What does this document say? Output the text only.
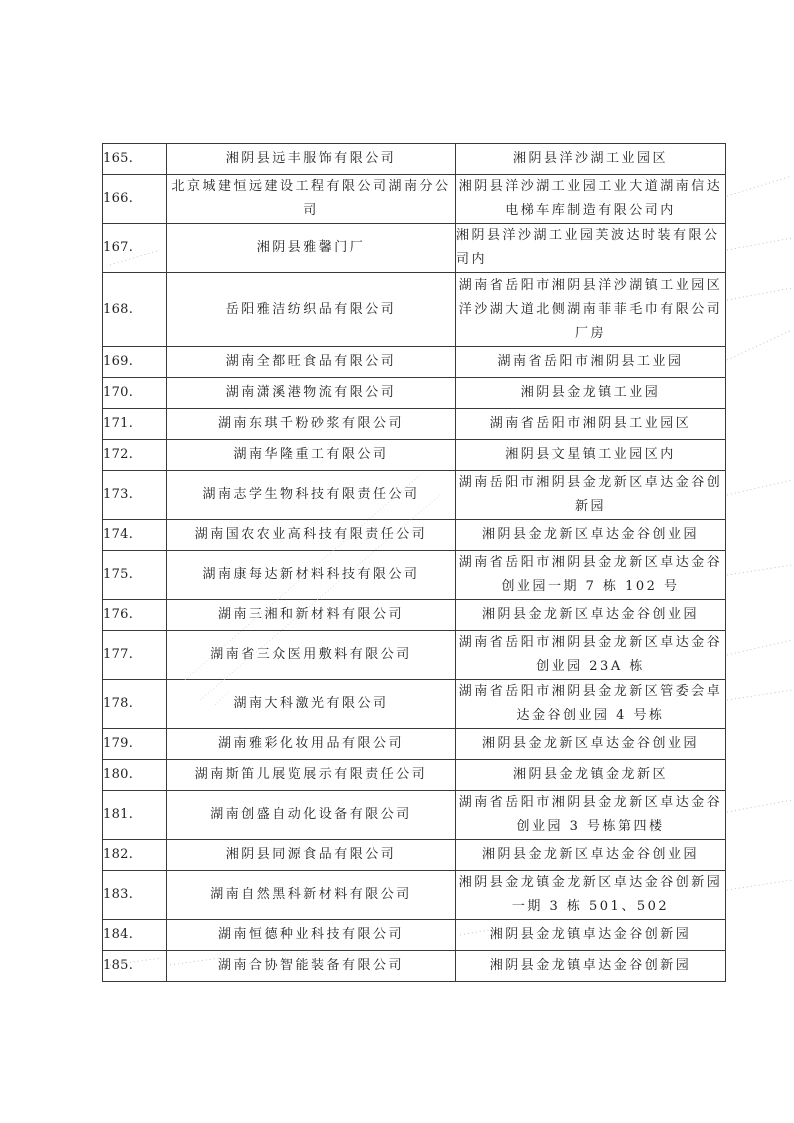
165.	湘阴县远丰服饰有限公司	湘阴县洋沙湖工业园区
166.	北京城建恒远建设工程有限公司湖南分公司	湘阴县洋沙湖工业园工业大道湖南信达电梯车库制造有限公司内
167.	湘阴县雅馨门厂	湘阴县洋沙湖工业园芙波达时装有限公司内
168.	岳阳雅洁纺织品有限公司	湖南省岳阳市湘阴县洋沙湖镇工业园区洋沙湖大道北侧湖南菲菲毛巾有限公司厂房
169.	湖南全都旺食品有限公司	湖南省岳阳市湘阴县工业园
170.	湖南潇溪港物流有限公司	湘阴县金龙镇工业园
171.	湖南东琪千粉砂浆有限公司	湖南省岳阳市湘阴县工业园区
172.	湖南华隆重工有限公司	湘阴县文星镇工业园区内
173.	湖南志学生物科技有限责任公司	湖南岳阳市湘阴县金龙新区卓达金谷创新园
174.	湖南国农农业高科技有限责任公司	湘阴县金龙新区卓达金谷创业园
175.	湖南康每达新材料科技有限公司	湖南省岳阳市湘阴县金龙新区卓达金谷创业园一期 7 栋 102 号
176.	湖南三湘和新材料有限公司	湘阴县金龙新区卓达金谷创业园
177.	湖南省三众医用敷料有限公司	湖南省岳阳市湘阴县金龙新区卓达金谷创业园 23A 栋
178.	湖南大科激光有限公司	湖南省岳阳市湘阴县金龙新区管委会卓达金谷创业园 4 号栋
179.	湖南雅彩化妆用品有限公司	湘阴县金龙新区卓达金谷创业园
180.	湖南斯笛儿展览展示有限责任公司	湘阴县金龙镇金龙新区
181.	湖南创盛自动化设备有限公司	湖南省岳阳市湘阴县金龙新区卓达金谷创业园 3 号栋第四楼
182.	湘阴县同源食品有限公司	湘阴县金龙新区卓达金谷创业园
183.	湖南自然黑科新材料有限公司	湘阴县金龙镇金龙新区卓达金谷创新园一期 3 栋 501、502
184.	湖南恒德种业科技有限公司	湘阴县金龙镇卓达金谷创新园
185.	湖南合协智能装备有限公司	湘阴县金龙镇卓达金谷创新园
